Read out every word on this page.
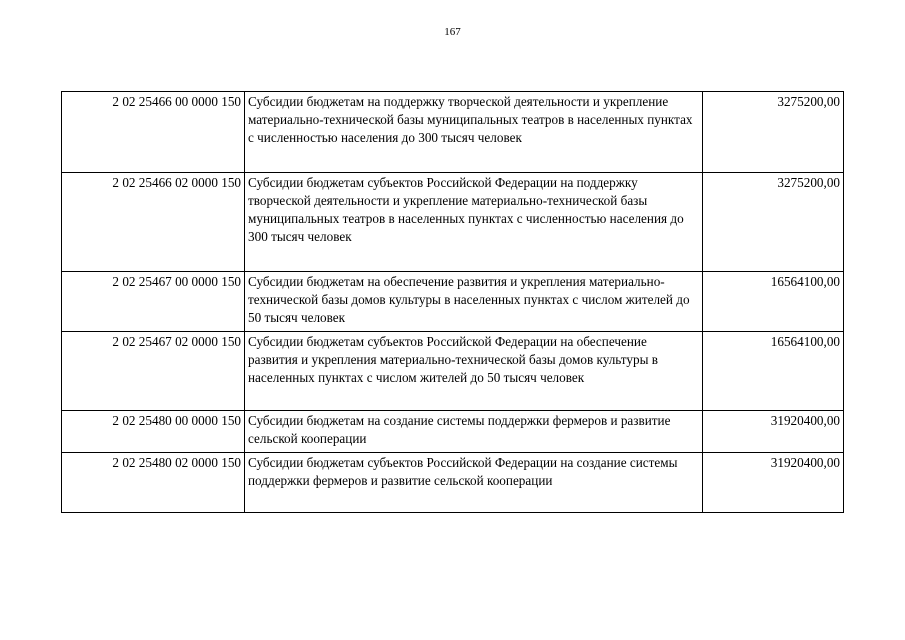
167
2 02 25466 00 0000 150	Субсидии бюджетам на поддержку творческой деятельности и укрепление материально-технической базы муниципальных театров в населенных пунктах с численностью населения до 300 тысяч человек	3275200,00
2 02 25466 02 0000 150	Субсидии бюджетам субъектов Российской Федерации на поддержку творческой деятельности и укрепление материально-технической базы муниципальных театров в населенных пунктах с численностью населения до 300 тысяч человек	3275200,00
2 02 25467 00 0000 150	Субсидии бюджетам на обеспечение развития и укрепления материально-технической базы домов культуры в населенных пунктах с числом жителей до 50 тысяч человек	16564100,00
2 02 25467 02 0000 150	Субсидии бюджетам субъектов Российской Федерации на обеспечение развития и укрепления материально-технической базы домов культуры в населенных пунктах с числом жителей до 50 тысяч человек	16564100,00
2 02 25480 00 0000 150	Субсидии бюджетам на создание системы поддержки фермеров и развитие сельской кооперации	31920400,00
2 02 25480 02 0000 150	Субсидии бюджетам субъектов Российской Федерации на создание системы поддержки фермеров и развитие сельской кооперации	31920400,00
